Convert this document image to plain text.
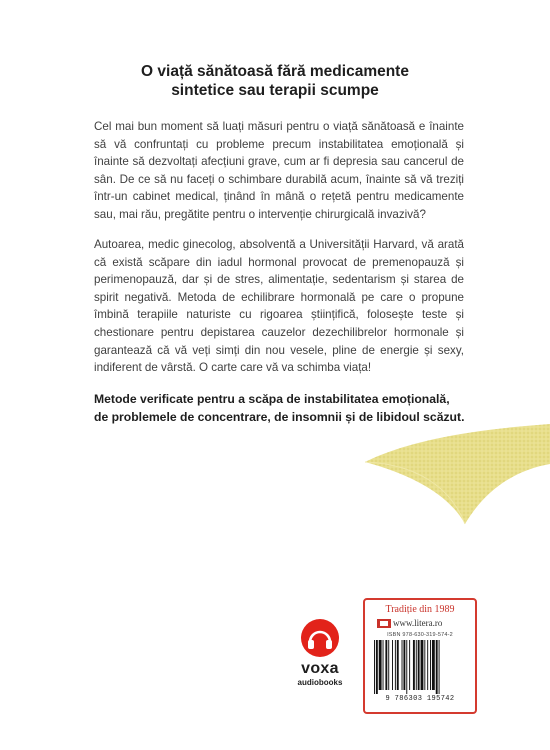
O viață sănătoasă fără medicamente
sintetice sau terapii scumpe

Cel mai bun moment să luați măsuri pentru o viață sănătoasă e înainte să vă confruntați cu probleme precum instabilitatea emoțională și înainte să dezvoltați afecțiuni grave, cum ar fi depresia sau cancerul de sân. De ce să nu faceți o schimbare durabilă acum, înainte să vă treziți într-un cabinet medical, ținând în mână o rețetă pentru medicamente sau, mai rău, pregătite pentru o intervenție chirurgicală invazivă?

Autoarea, medic ginecolog, absolventă a Universității Harvard, vă arată că există scăpare din iadul hormonal provocat de premenopauză și perimenopauză, dar și de stres, alimentație, sedentarism și starea de spirit negativă. Metoda de echilibrare hormonală pe care o propune îmbină terapiile naturiste cu rigoarea științifică, folosește teste și chestionare pentru depistarea cauzelor dezechilibrelor hormonale și garantează că vă veți simți din nou vesele, pline de energie și sexy, indiferent de vârstă. O carte care vă va schimba viața!

Metode verificate pentru a scăpa de instabilitatea emoțională,
de problemele de concentrare, de insomnii și de libidoul scăzut.
voxa
audiobooks
Tradiție din 1989
www.litera.ro
ISBN 978-630-319-574-2
9 786303 195742
